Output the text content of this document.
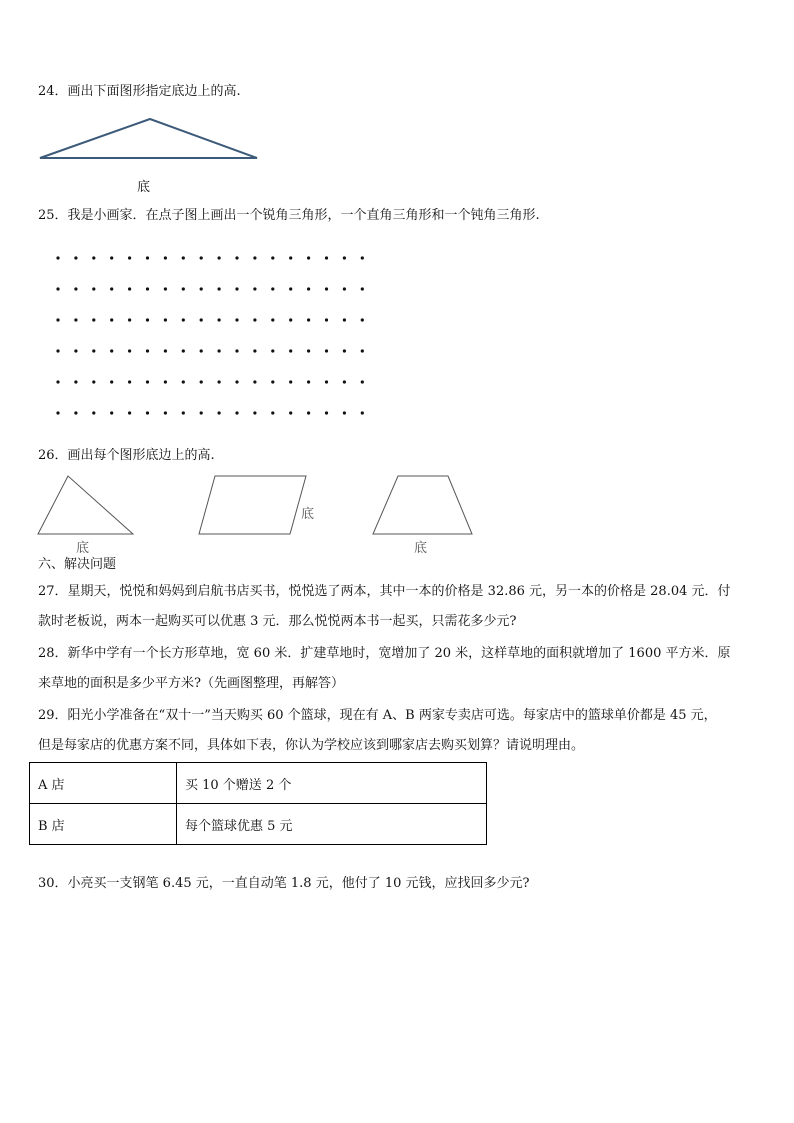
24．画出下面图形指定底边上的高.
底
25．我是小画家．在点子图上画出一个锐角三角形，一个直角三角形和一个钝角三角形.
26．画出每个图形底边上的高.
底
底
底
六、解决问题
27．星期天，悦悦和妈妈到启航书店买书，悦悦选了两本，其中一本的价格是 32.86 元，另一本的价格是 28.04 元．付
款时老板说，两本一起购买可以优惠 3 元．那么悦悦两本书一起买，只需花多少元?
28．新华中学有一个长方形草地，宽 60 米．扩建草地时，宽增加了 20 米，这样草地的面积就增加了 1600 平方米．原
来草地的面积是多少平方米?（先画图整理，再解答）
29．阳光小学准备在“双十一”当天购买 60 个篮球，现在有 A、B 两家专卖店可选。每家店中的篮球单价都是 45 元，
但是每家店的优惠方案不同，具体如下表，你认为学校应该到哪家店去购买划算？请说明理由。
A 店	买 10 个赠送 2 个
B 店	每个篮球优惠 5 元
30．小亮买一支钢笔 6.45 元，一直自动笔 1.8 元，他付了 10 元钱，应找回多少元?
